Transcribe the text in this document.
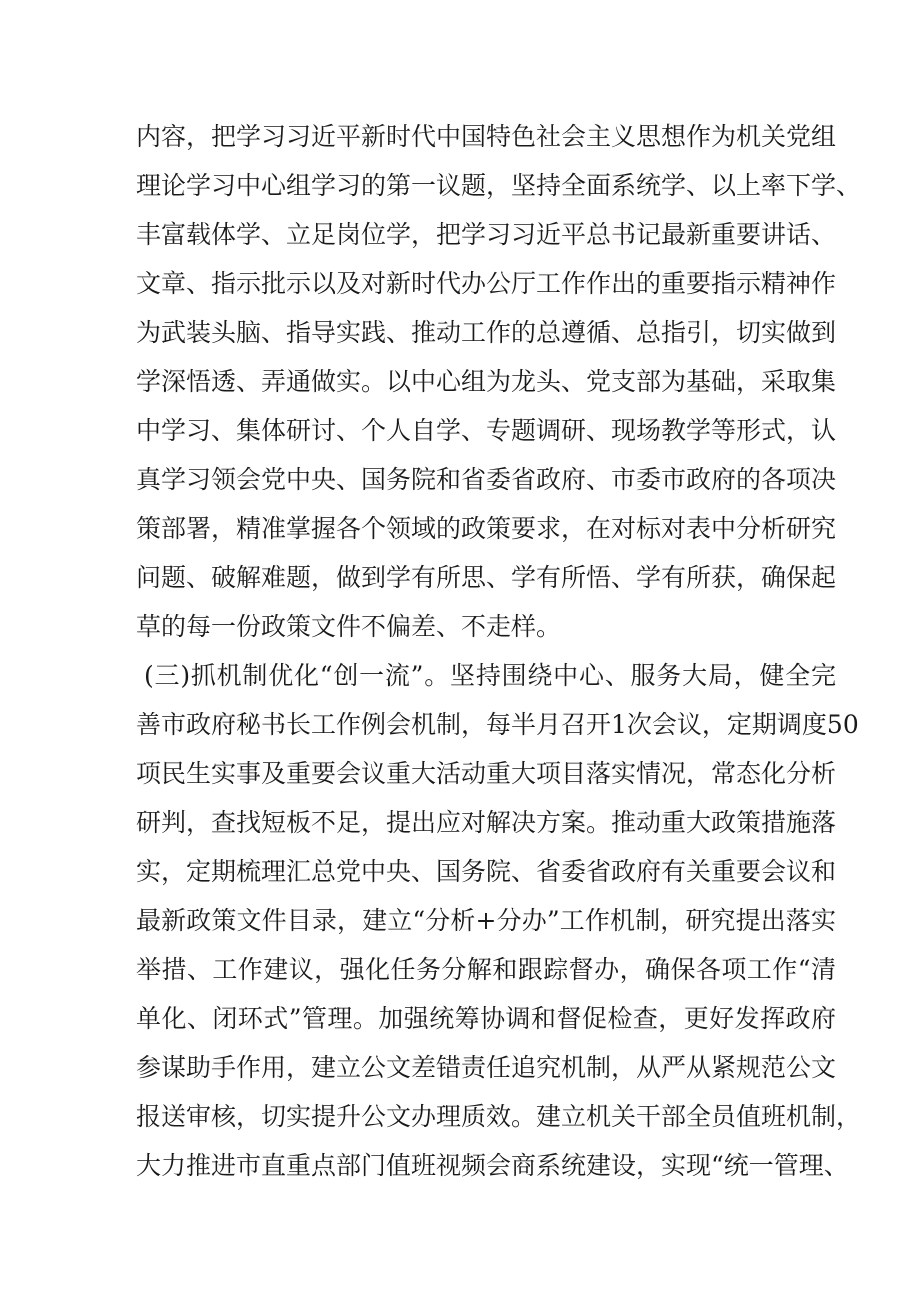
内容，把学习习近平新时代中国特色社会主义思想作为机关党组
理论学习中心组学习的第一议题，坚持全面系统学、以上率下学、
丰富载体学、立足岗位学，把学习习近平总书记最新重要讲话、
文章、指示批示以及对新时代办公厅工作作出的重要指示精神作
为武装头脑、指导实践、推动工作的总遵循、总指引，切实做到
学深悟透、弄通做实。以中心组为龙头、党支部为基础，采取集
中学习、集体研讨、个人自学、专题调研、现场教学等形式，认
真学习领会党中央、国务院和省委省政府、市委市政府的各项决
策部署，精准掌握各个领域的政策要求，在对标对表中分析研究
问题、破解难题，做到学有所思、学有所悟、学有所获，确保起
草的每一份政策文件不偏差、不走样。
(三)抓机制优化“创一流”。坚持围绕中心、服务大局，健全完
善市政府秘书长工作例会机制，每半月召开1次会议，定期调度50
项民生实事及重要会议重大活动重大项目落实情况，常态化分析
研判，查找短板不足，提出应对解决方案。推动重大政策措施落
实，定期梳理汇总党中央、国务院、省委省政府有关重要会议和
最新政策文件目录，建立“分析+分办”工作机制，研究提出落实
举措、工作建议，强化任务分解和跟踪督办，确保各项工作“清
单化、闭环式”管理。加强统筹协调和督促检查，更好发挥政府
参谋助手作用，建立公文差错责任追究机制，从严从紧规范公文
报送审核，切实提升公文办理质效。建立机关干部全员值班机制，
大力推进市直重点部门值班视频会商系统建设，实现“统一管理、
